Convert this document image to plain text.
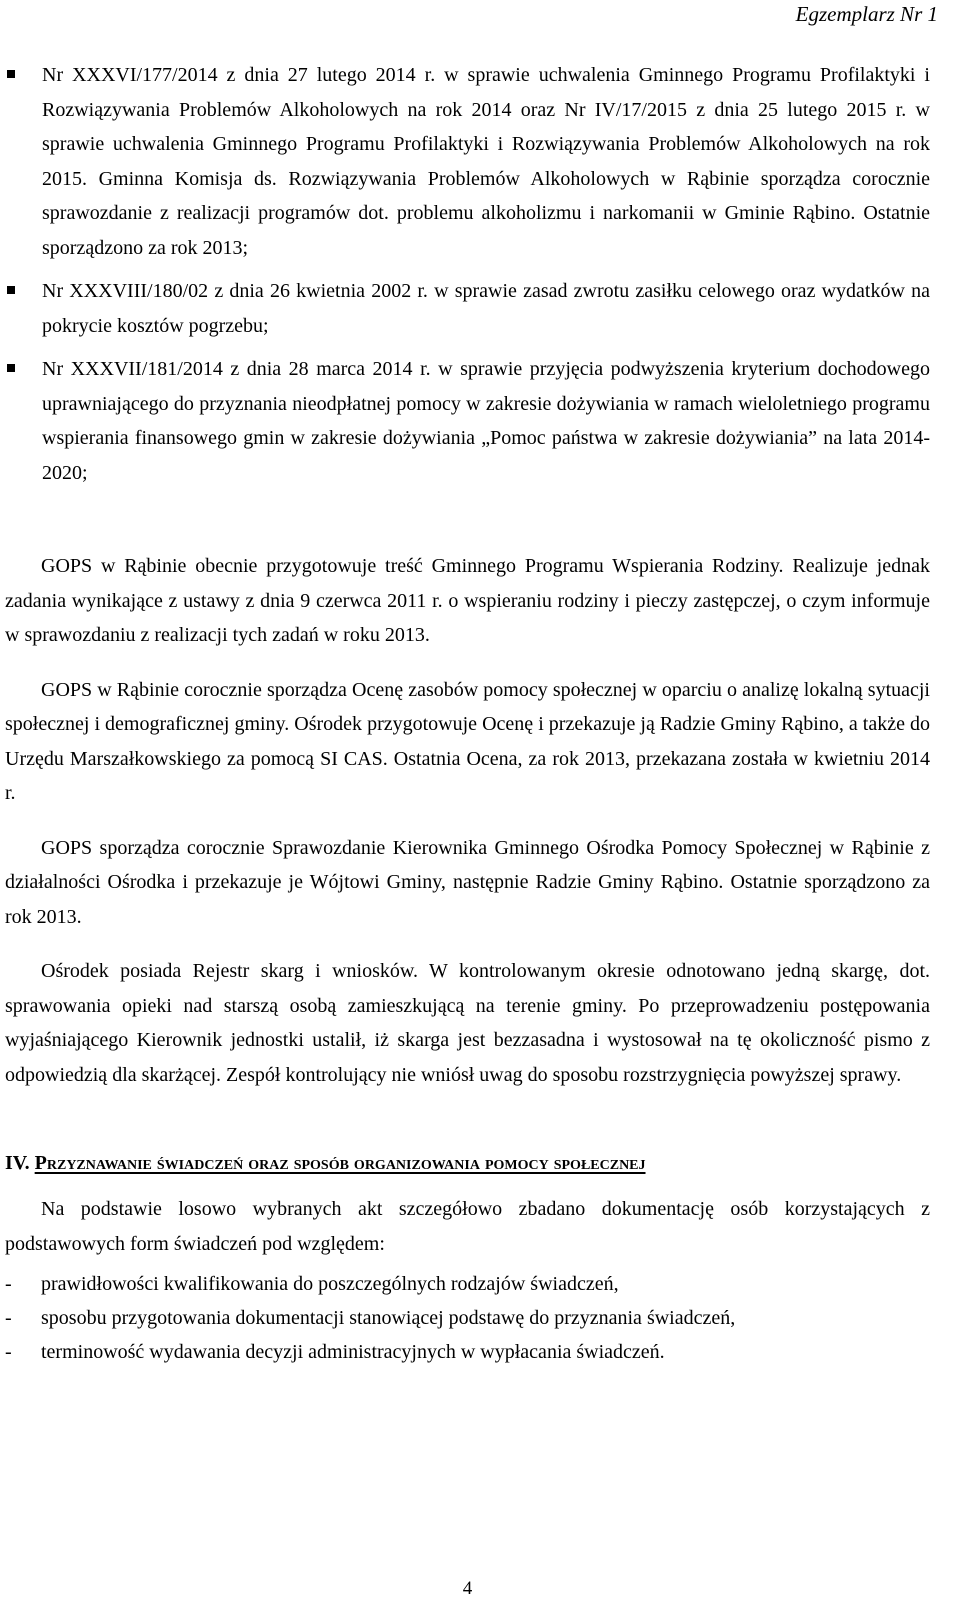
Egzemplarz Nr 1
Nr XXXVI/177/2014 z dnia 27 lutego 2014 r. w sprawie uchwalenia Gminnego Programu Profilaktyki i Rozwiązywania Problemów Alkoholowych na rok 2014 oraz Nr IV/17/2015 z dnia 25 lutego 2015 r. w sprawie uchwalenia Gminnego Programu Profilaktyki i Rozwiązywania Problemów Alkoholowych na rok 2015. Gminna Komisja ds. Rozwiązywania Problemów Alkoholowych w Rąbinie sporządza corocznie sprawozdanie z realizacji programów dot. problemu alkoholizmu i narkomanii w Gminie Rąbino. Ostatnie sporządzono za rok 2013;
Nr XXXVIII/180/02 z dnia 26 kwietnia 2002 r. w sprawie zasad zwrotu zasiłku celowego oraz wydatków na pokrycie kosztów pogrzebu;
Nr XXXVII/181/2014 z dnia 28 marca 2014 r. w sprawie przyjęcia podwyższenia kryterium dochodowego uprawniającego do przyznania nieodpłatnej pomocy w zakresie dożywiania w ramach wieloletniego programu wspierania finansowego gmin w zakresie dożywiania „Pomoc państwa w zakresie dożywiania” na lata 2014-2020;

GOPS w Rąbinie obecnie przygotowuje treść Gminnego Programu Wspierania Rodziny. Realizuje jednak zadania wynikające z ustawy z dnia 9 czerwca 2011 r. o wspieraniu rodziny i pieczy zastępczej, o czym informuje w sprawozdaniu z realizacji tych zadań w roku 2013.

GOPS w Rąbinie corocznie sporządza Ocenę zasobów pomocy społecznej w oparciu o analizę lokalną sytuacji społecznej i demograficznej gminy. Ośrodek przygotowuje Ocenę i przekazuje ją Radzie Gminy Rąbino, a także do Urzędu Marszałkowskiego za pomocą SI CAS. Ostatnia Ocena, za rok 2013, przekazana została w kwietniu 2014 r.

GOPS sporządza corocznie Sprawozdanie Kierownika Gminnego Ośrodka Pomocy Społecznej w Rąbinie z działalności Ośrodka i przekazuje je Wójtowi Gminy, następnie Radzie Gminy Rąbino. Ostatnie sporządzono za rok 2013.

Ośrodek posiada Rejestr skarg i wniosków. W kontrolowanym okresie odnotowano jedną skargę, dot. sprawowania opieki nad starszą osobą zamieszkującą na terenie gminy. Po przeprowadzeniu postępowania wyjaśniającego Kierownik jednostki ustalił, iż skarga jest bezzasadna i wystosował na tę okoliczność pismo z odpowiedzią dla skarżącej. Zespół kontrolujący nie wniósł uwag do sposobu rozstrzygnięcia powyższej sprawy.

IV. Przyznawanie świadczeń oraz sposób organizowania pomocy społecznej

Na podstawie losowo wybranych akt szczegółowo zbadano dokumentację osób korzystających z podstawowych form świadczeń pod względem:

- prawidłowości kwalifikowania do poszczególnych rodzajów świadczeń,
- sposobu przygotowania dokumentacji stanowiącej podstawę do przyznania świadczeń,
- terminowość wydawania decyzji administracyjnych w wypłacania świadczeń.
4
